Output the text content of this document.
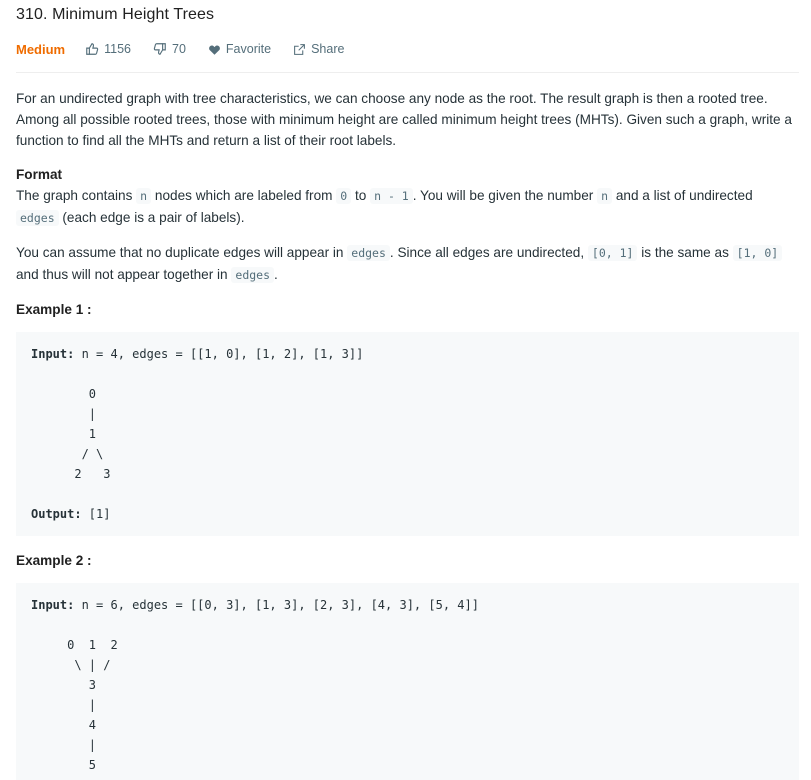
310. Minimum Height Trees
Medium	1156	70	Favorite	Share

For an undirected graph with tree characteristics, we can choose any node as the root. The result graph is then a rooted tree. Among all possible rooted trees, those with minimum height are called minimum height trees (MHTs). Given such a graph, write a function to find all the MHTs and return a list of their root labels.

Format
The graph contains n nodes which are labeled from 0 to n - 1 . You will be given the number n and a list of undirected edges (each edge is a pair of labels).

You can assume that no duplicate edges will appear in edges . Since all edges are undirected, [0, 1] is the same as [1, 0] and thus will not appear together in edges .

Example 1 :
Input: n = 4, edges = [[1, 0], [1, 2], [1, 3]]

0
|
1
/ \
2   3

Output: [1]
Example 2 :
Input: n = 6, edges = [[0, 3], [1, 3], [2, 3], [4, 3], [5, 4]]

0  1  2
\ | /
3
|
4
|
5
